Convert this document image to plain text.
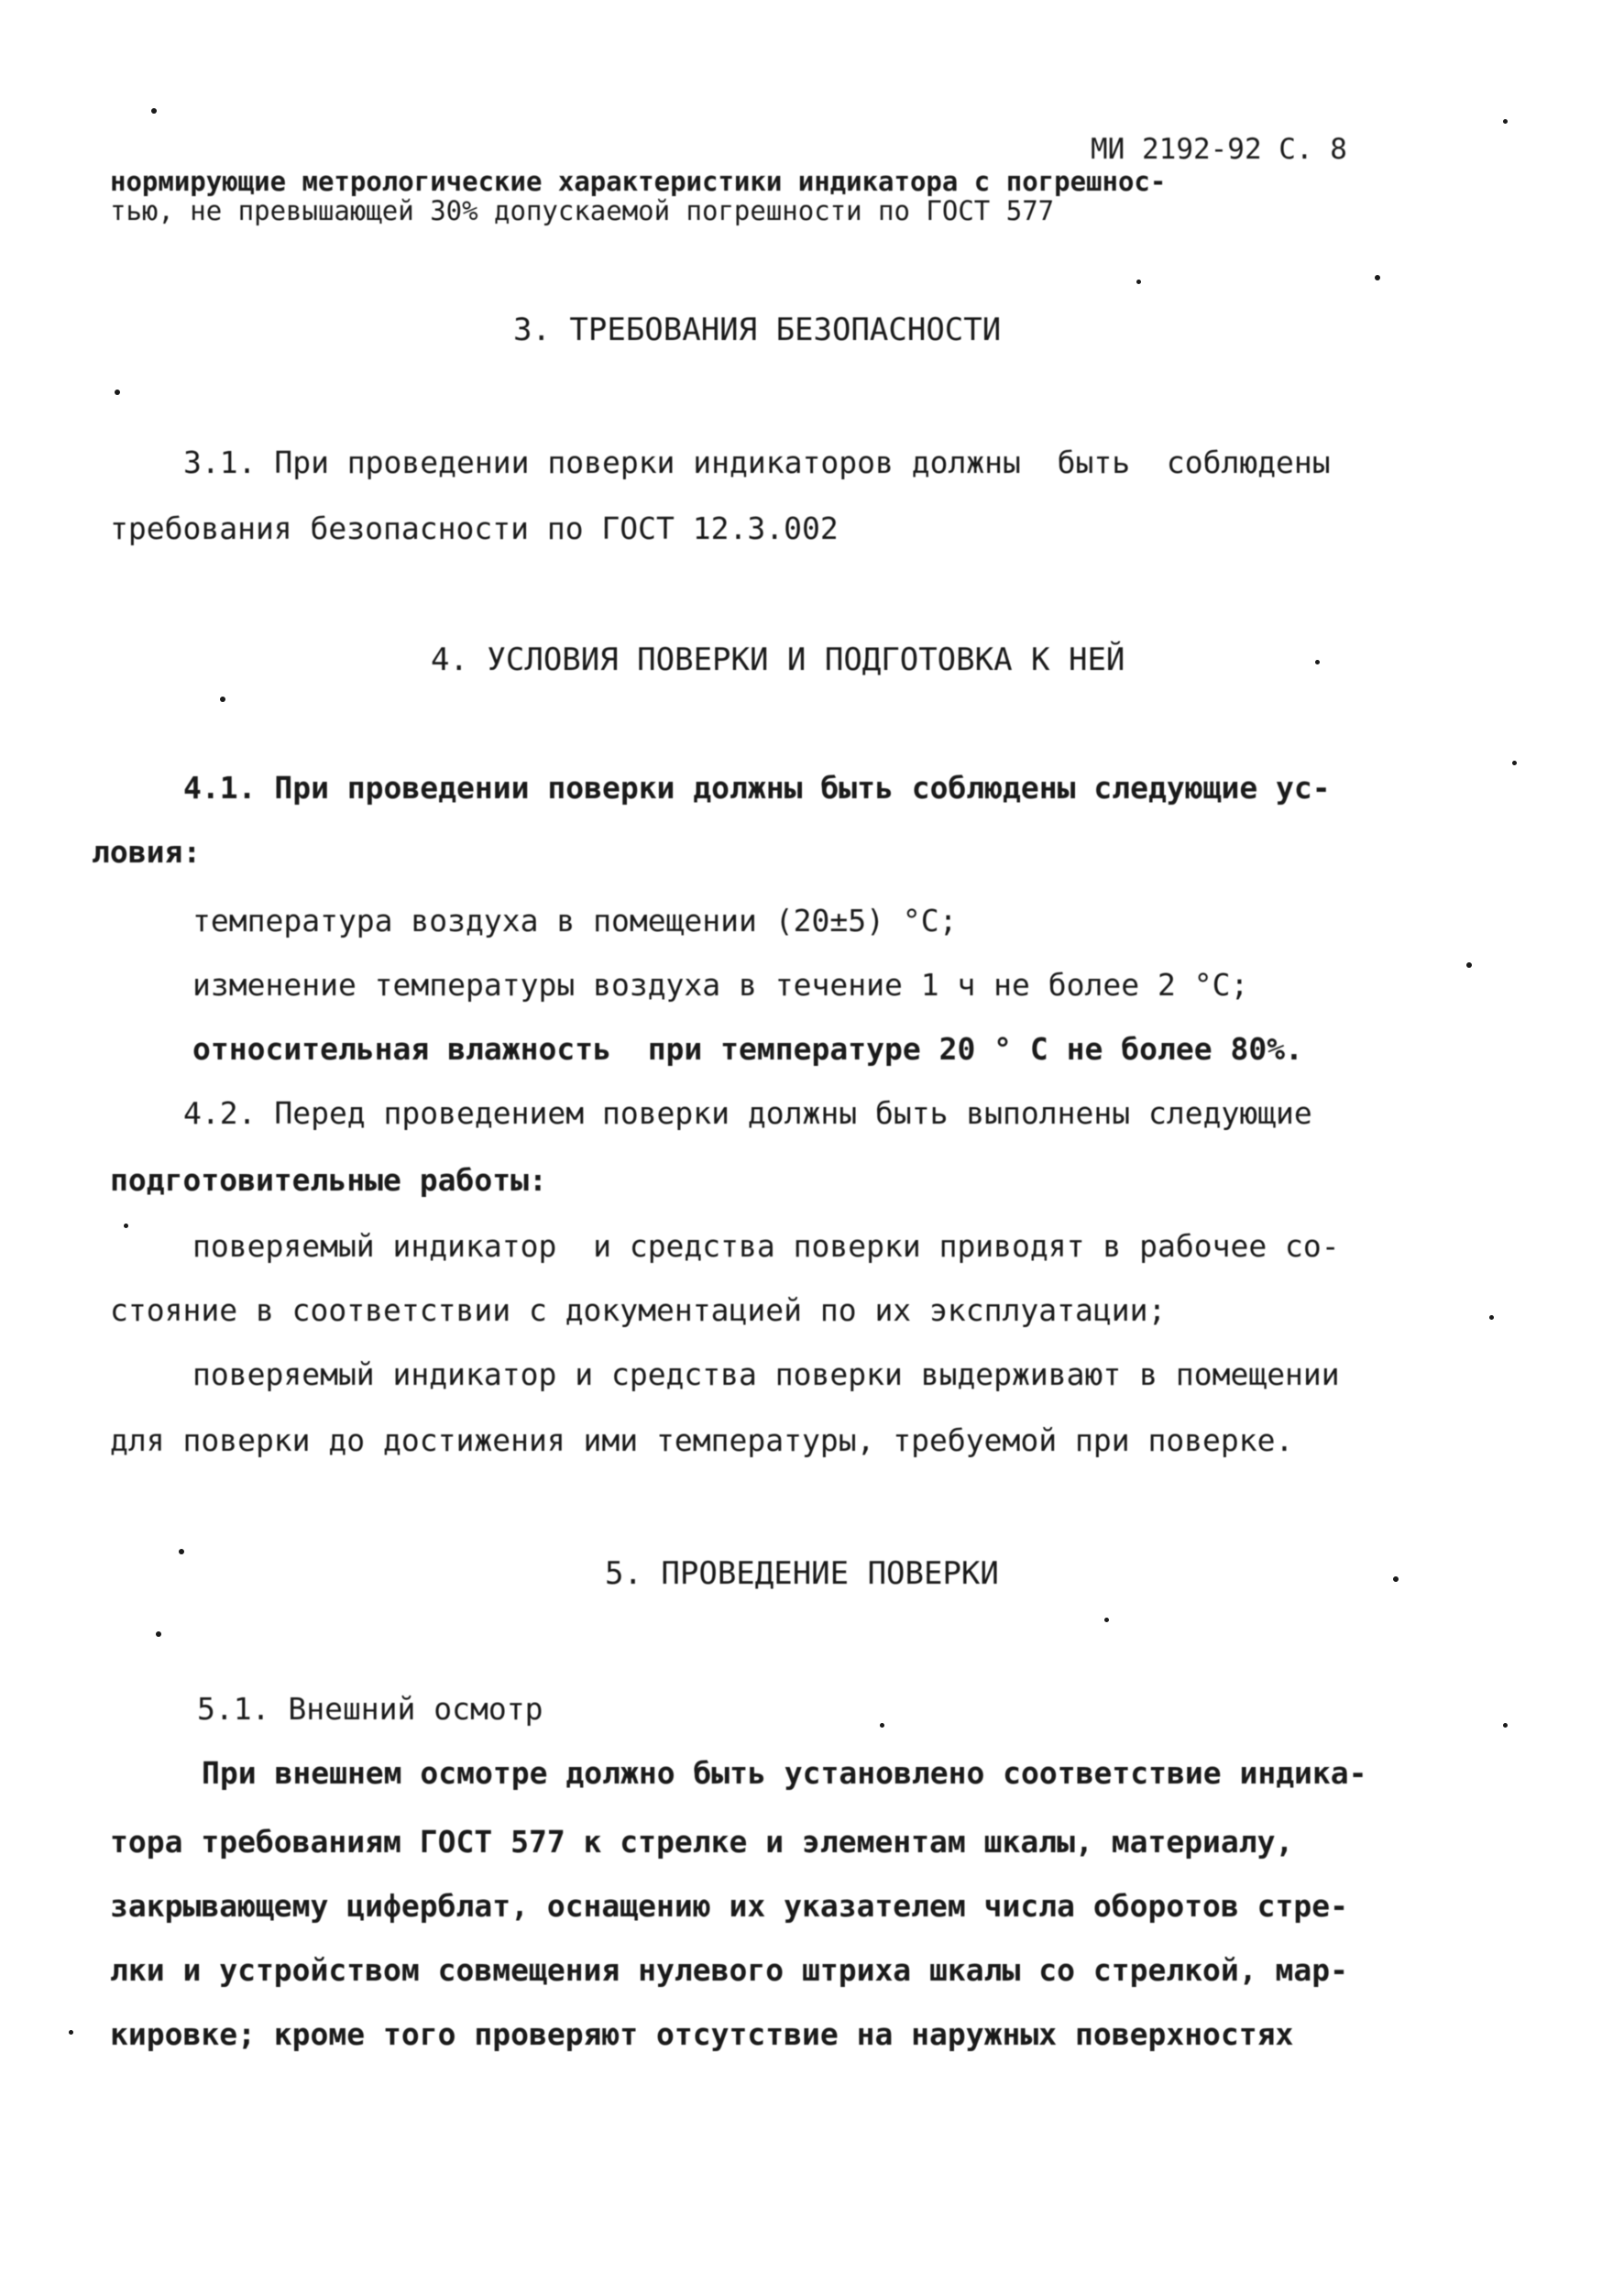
МИ 2192-92 С. 8
нормирующие метрологические характеристики индикатора с погрешнос-
тью, не превышающей 30% допускаемой погрешности по ГОСТ 577
3. ТРЕБОВАНИЯ БЕЗОПАСНОСТИ
3.1. При проведении поверки индикаторов должны  быть  соблюдены
требования безопасности по ГОСТ 12.3.002
4. УСЛОВИЯ ПОВЕРКИ И ПОДГОТОВКА К НЕЙ
4.1. При проведении поверки должны быть соблюдены следующие ус-
ловия:
температура воздуха в помещении (20±5) °С;
изменение температуры воздуха в течение 1 ч не более 2 °С;
относительная влажность  при температуре 20 ° С не более 80%.
4.2. Перед проведением поверки должны быть выполнены следующие
подготовительные работы:
поверяемый индикатор  и средства поверки приводят в рабочее со-
стояние в соответствии с документацией по их эксплуатации;
поверяемый индикатор и средства поверки выдерживают в помещении
для поверки до достижения ими температуры, требуемой при поверке.
5. ПРОВЕДЕНИЕ ПОВЕРКИ
5.1. Внешний осмотр
При внешнем осмотре должно быть установлено соответствие индика-
тора требованиям ГОСТ 577 к стрелке и элементам шкалы, материалу,
закрывающему циферблат, оснащению их указателем числа оборотов стре-
лки и устройством совмещения нулевого штриха шкалы со стрелкой, мар-
кировке; кроме того проверяют отсутствие на наружных поверхностях
